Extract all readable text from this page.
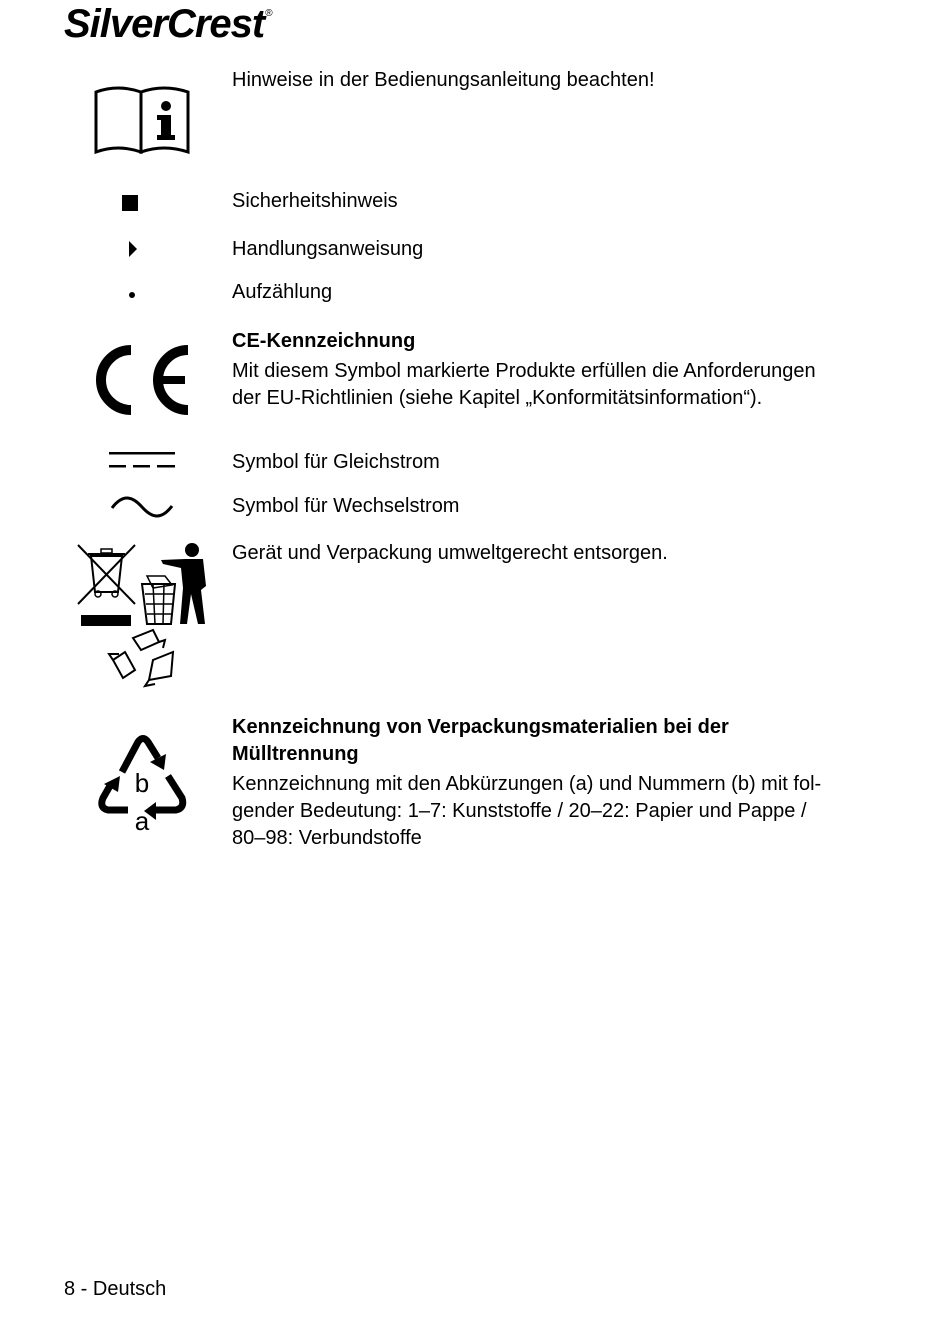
SilverCrest®
Hinweise in der Bedienungsanleitung beachten!
Sicherheitshinweis
Handlungsanweisung
Aufzählung
CE-Kennzeichnung
Mit diesem Symbol markierte Produkte erfüllen die Anforderungen
der EU-Richtlinien (siehe Kapitel „Konformitätsinformation“).
Symbol für Gleichstrom
Symbol für Wechselstrom
Gerät und Verpackung umweltgerecht entsorgen.
b
a
Kennzeichnung von Verpackungsmaterialien bei der
Mülltrennung
Kennzeichnung mit den Abkürzungen (a) und Nummern (b) mit fol-
gender Bedeutung: 1–7: Kunststoffe / 20–22: Papier und Pappe /
80–98: Verbundstoffe
8 - Deutsch
